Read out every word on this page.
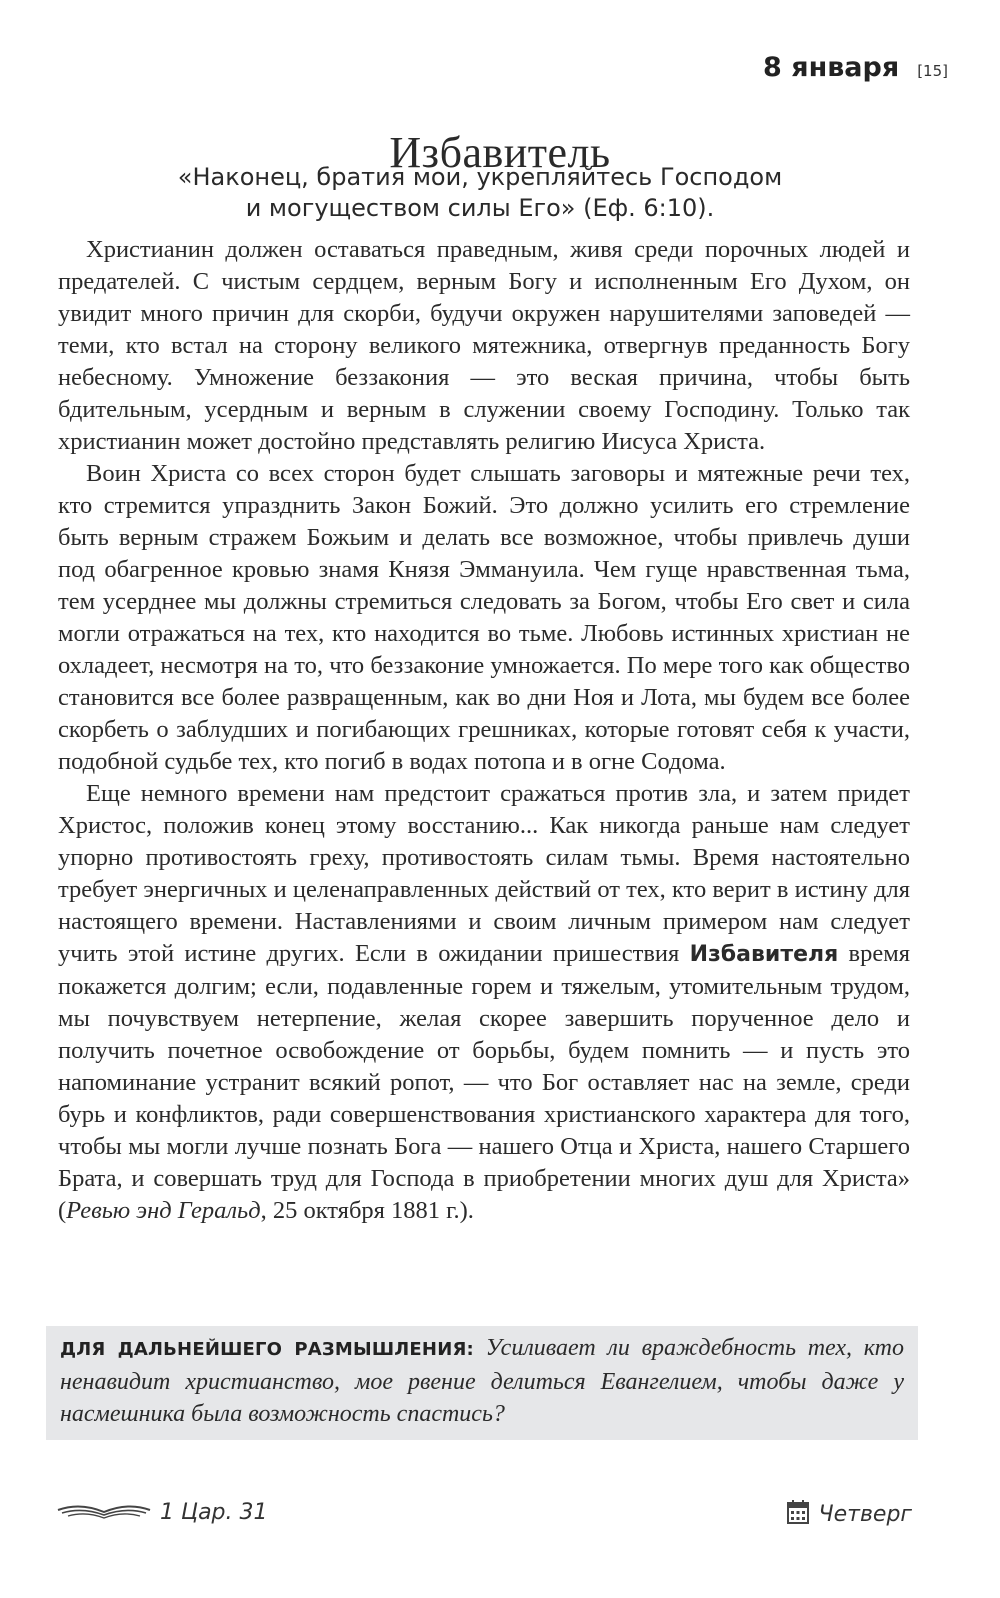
8 января [15]
Избавитель
«Наконец, братия мои, укрепляйтесь Господом
и могуществом силы Его» (Еф. 6:10).

Христианин должен оставаться праведным, живя среди порочных людей и предателей. С чистым сердцем, верным Богу и исполненным Его Духом, он увидит много причин для скорби, будучи окружен нарушителями заповедей — теми, кто встал на сторону великого мятежника, отвергнув преданность Богу небесному. Умножение беззакония — это веская причина, чтобы быть бдительным, усердным и верным в служении своему Господину. Только так христианин может достойно представлять религию Иисуса Христа.

Воин Христа со всех сторон будет слышать заговоры и мятежные речи тех, кто стремится упразднить Закон Божий. Это должно усилить его стремление быть верным стражем Божьим и делать все возможное, чтобы привлечь души под обагренное кровью знамя Князя Эммануила. Чем гуще нравственная тьма, тем усерднее мы должны стремиться следовать за Богом, чтобы Его свет и сила могли отражаться на тех, кто находится во тьме. Любовь истинных христиан не охладеет, несмотря на то, что беззаконие умножается. По мере того как общество становится все более развращенным, как во дни Ноя и Лота, мы будем все более скорбеть о заблудших и погибающих грешниках, которые готовят себя к участи, подобной судьбе тех, кто погиб в водах потопа и в огне Содома.

Еще немного времени нам предстоит сражаться против зла, и затем придет Христос, положив конец этому восстанию... Как никогда раньше нам следует упорно противостоять греху, противостоять силам тьмы. Время настоятельно требует энергичных и целенаправленных действий от тех, кто верит в истину для настоящего времени. Наставлениями и своим личным примером нам следует учить этой истине других. Если в ожидании пришествия Избавителя время покажется долгим; если, подавленные горем и тяжелым, утомительным трудом, мы почувствуем нетерпение, желая скорее завершить порученное дело и получить почетное освобождение от борьбы, будем помнить — и пусть это напоминание устранит всякий ропот, — что Бог оставляет нас на земле, среди бурь и конфликтов, ради совершенствования христианского характера для того, чтобы мы могли лучше познать Бога — нашего Отца и Христа, нашего Старшего Брата, и совершать труд для Господа в приобретении многих душ для Христа» (Ревью энд Геральд, 25 октября 1881 г.).

ДЛЯ ДАЛЬНЕЙШЕГО РАЗМЫШЛЕНИЯ: Усиливает ли враждебность тех, кто ненавидит христианство, мое рвение делиться Евангелием, чтобы даже у насмешника была возможность спастись?
1 Цар. 31	Четверг
